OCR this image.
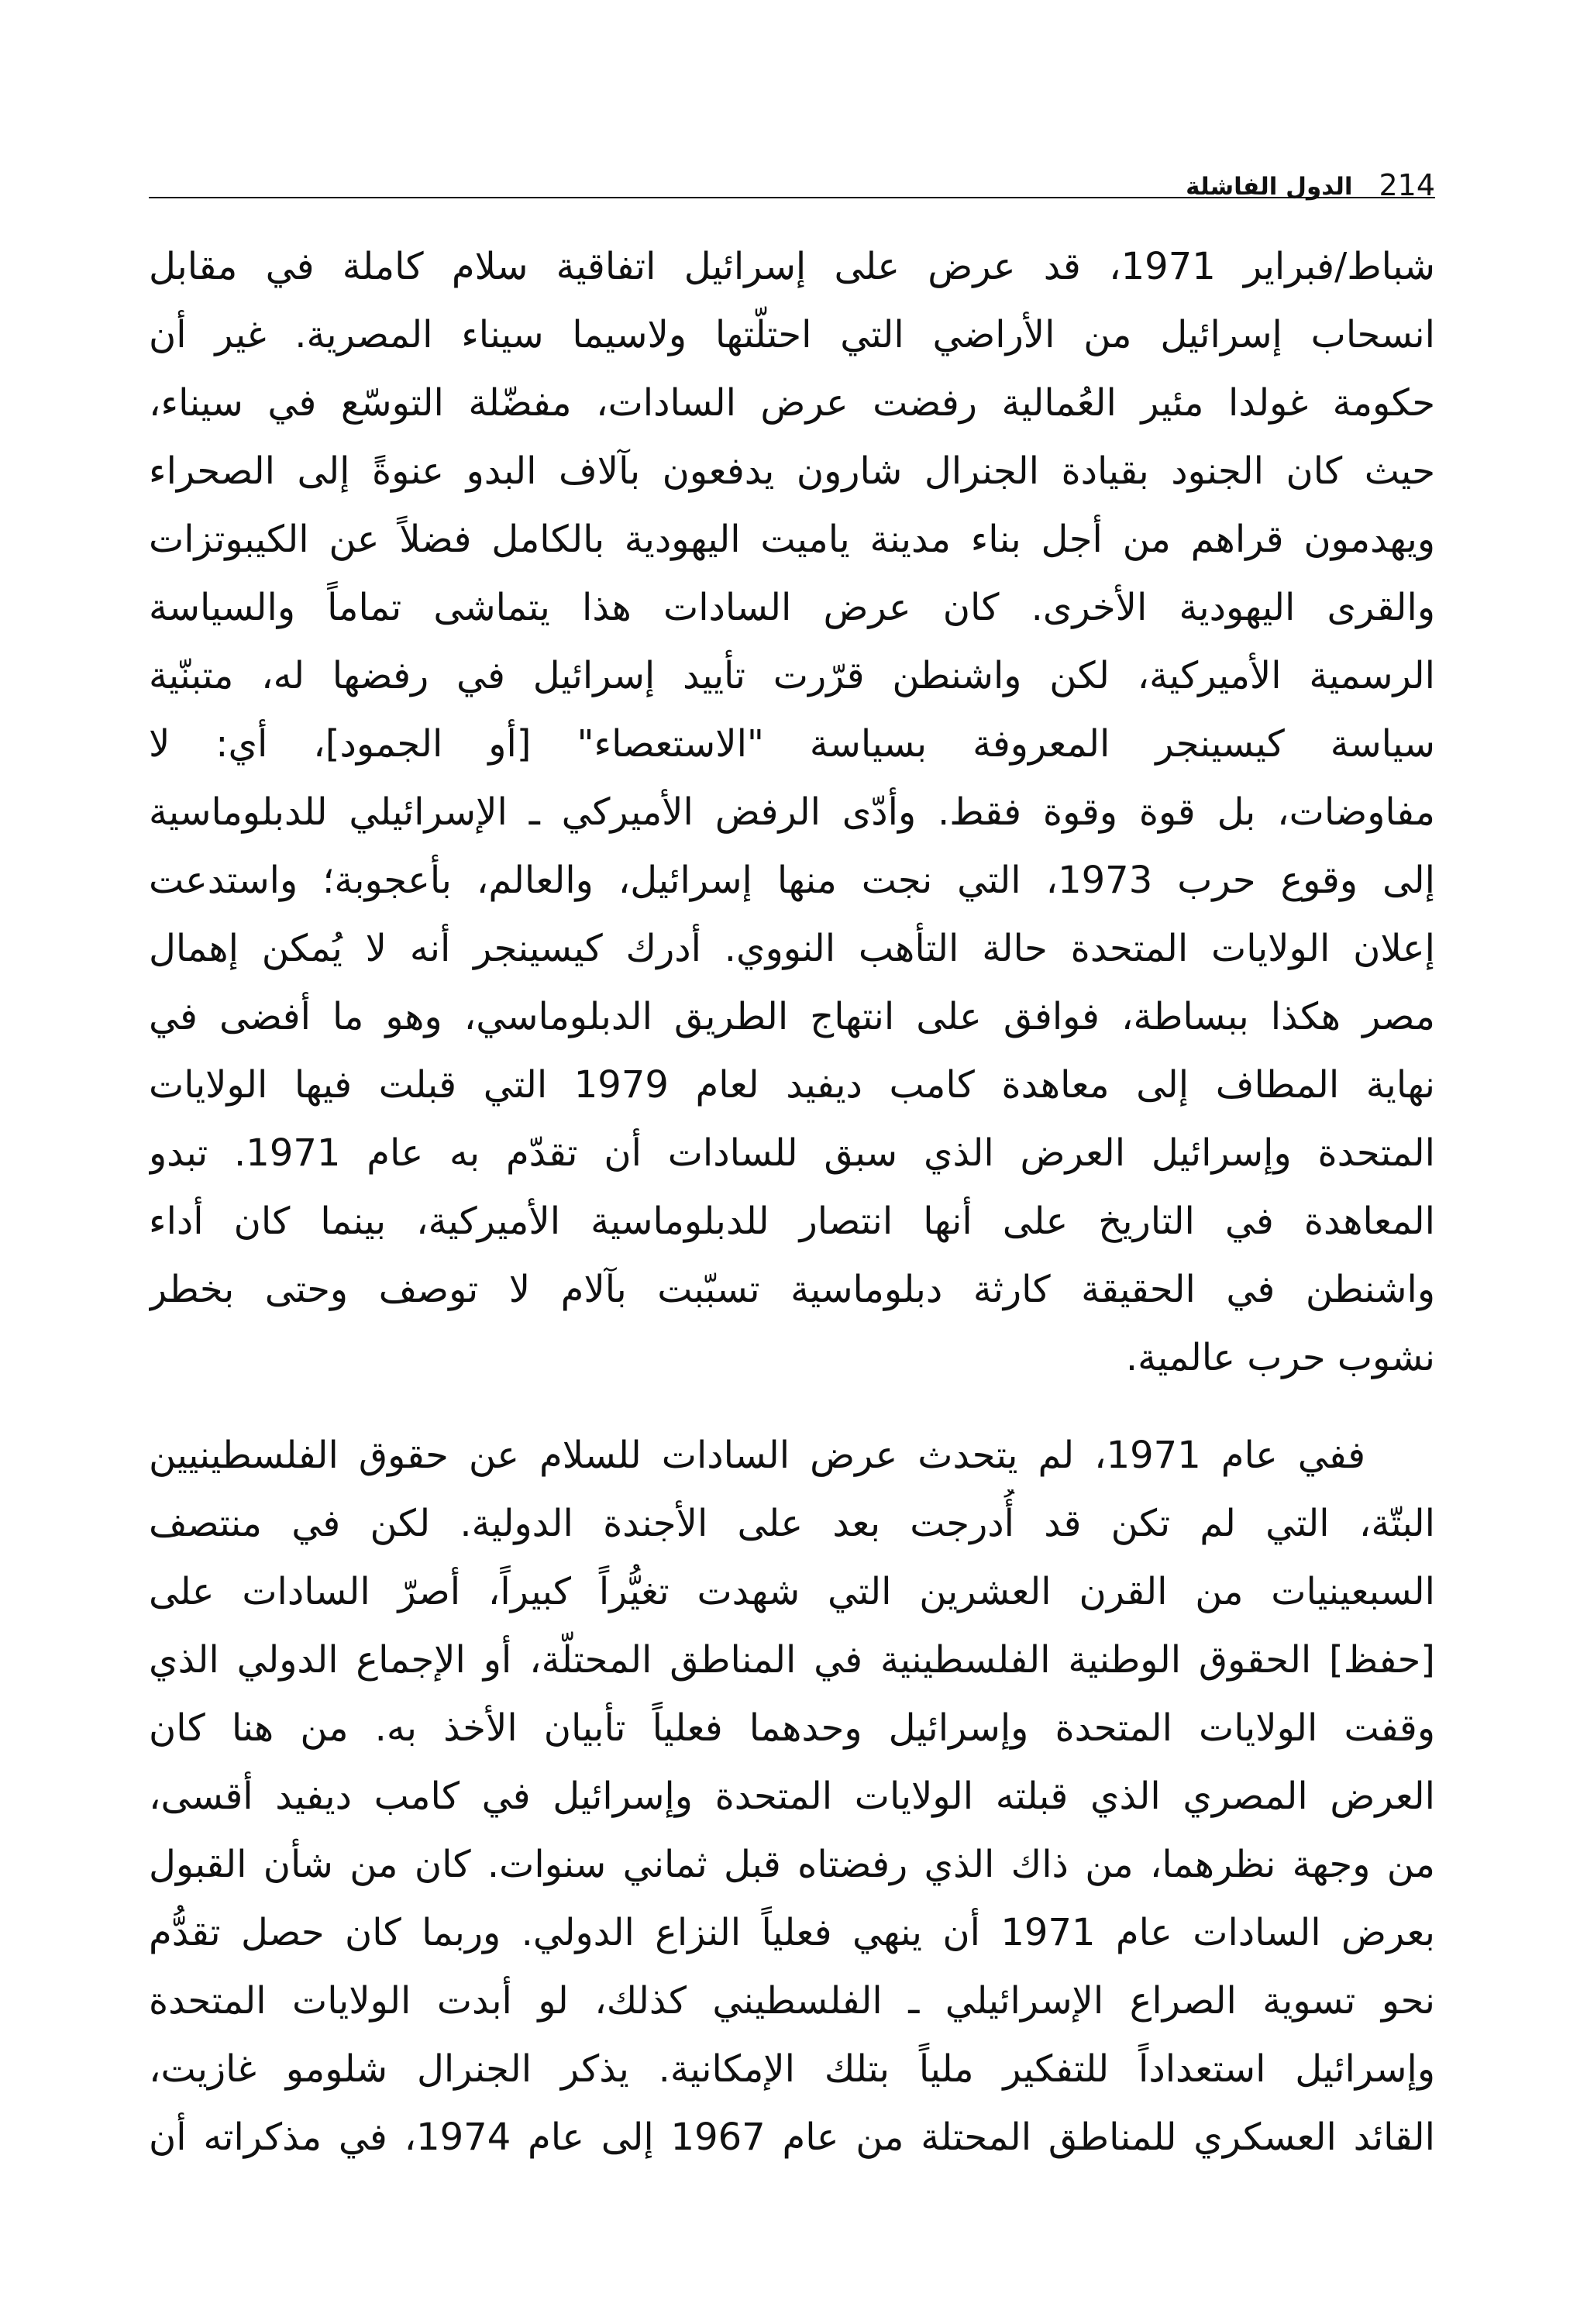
214
الدول الفاشلة
شباط/فبراير 1971، قد عرض على إسرائيل اتفاقية سلام كاملة في مقابل
انسحاب إسرائيل من الأراضي التي احتلّتها ولاسيما سيناء المصرية. غير أن
حكومة غولدا مئير العُمالية رفضت عرض السادات، مفضّلة التوسّع في سيناء،
حيث كان الجنود بقيادة الجنرال شارون يدفعون بآلاف البدو عنوةً إلى الصحراء
ويهدمون قراهم من أجل بناء مدينة ياميت اليهودية بالكامل فضلاً عن الكيبوتزات
والقرى اليهودية الأخرى. كان عرض السادات هذا يتماشى تماماً والسياسة
الرسمية الأميركية، لكن واشنطن قرّرت تأييد إسرائيل في رفضها له، متبنّية
سياسة كيسينجر المعروفة بسياسة "الاستعصاء" [أو الجمود]، أي: لا
مفاوضات، بل قوة وقوة فقط. وأدّى الرفض الأميركي ـ الإسرائيلي للدبلوماسية
إلى وقوع حرب 1973، التي نجت منها إسرائيل، والعالم، بأعجوبة؛ واستدعت
إعلان الولايات المتحدة حالة التأهب النووي. أدرك كيسينجر أنه لا يُمكن إهمال
مصر هكذا ببساطة، فوافق على انتهاج الطريق الدبلوماسي، وهو ما أفضى في
نهاية المطاف إلى معاهدة كامب ديفيد لعام 1979 التي قبلت فيها الولايات
المتحدة وإسرائيل العرض الذي سبق للسادات أن تقدّم به عام 1971. تبدو
المعاهدة في التاريخ على أنها انتصار للدبلوماسية الأميركية، بينما كان أداء
واشنطن في الحقيقة كارثة دبلوماسية تسبّبت بآلام لا توصف وحتى بخطر
نشوب حرب عالمية.
ففي عام 1971، لم يتحدث عرض السادات للسلام عن حقوق الفلسطينيين
البتّة، التي لم تكن قد أُدرجت بعد على الأجندة الدولية. لكن في منتصف
السبعينيات من القرن العشرين التي شهدت تغيُّراً كبيراً، أصرّ السادات على
[حفظ] الحقوق الوطنية الفلسطينية في المناطق المحتلّة، أو الإجماع الدولي الذي
وقفت الولايات المتحدة وإسرائيل وحدهما فعلياً تأبيان الأخذ به. من هنا كان
العرض المصري الذي قبلته الولايات المتحدة وإسرائيل في كامب ديفيد أقسى،
من وجهة نظرهما، من ذاك الذي رفضتاه قبل ثماني سنوات. كان من شأن القبول
بعرض السادات عام 1971 أن ينهي فعلياً النزاع الدولي. وربما كان حصل تقدُّم
نحو تسوية الصراع الإسرائيلي ـ الفلسطيني كذلك، لو أبدت الولايات المتحدة
وإسرائيل استعداداً للتفكير ملياً بتلك الإمكانية. يذكر الجنرال شلومو غازيت،
القائد العسكري للمناطق المحتلة من عام 1967 إلى عام 1974، في مذكراته أن
